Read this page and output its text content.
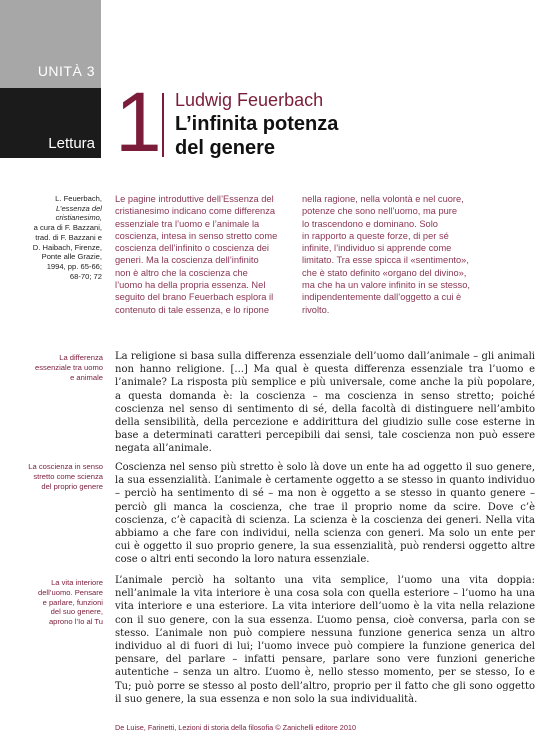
UNITÀ 3
Lettura 1 Ludwig Feuerbach
L’infinita potenza
del genere
L. Feuerbach,
L’essenza del
cristianesimo,
a cura di F. Bazzani,
trad. di F. Bazzani e
D. Haibach, Firenze,
Ponte alle Grazie,
1994, pp. 65-66;
68-70; 72
Le pagine introduttive dell’Essenza del
cristianesimo indicano come differenza
essenziale tra l’uomo e l’animale la
coscienza, intesa in senso stretto come
coscienza dell’infinito o coscienza dei
generi. Ma la coscienza dell’infinito
non è altro che la coscienza che
l’uomo ha della propria essenza. Nel
seguito del brano Feuerbach esplora il
contenuto di tale essenza, e lo ripone
nella ragione, nella volontà e nel cuore,
potenze che sono nell’uomo, ma pure
lo trascendono e dominano. Solo
in rapporto a queste forze, di per sé
infinite, l’individuo si apprende come
limitato. Tra esse spicca il «sentimento»,
che è stato definito «organo del divino»,
ma che ha un valore infinito in se stesso,
indipendentemente dall’oggetto a cui è
rivolto.
La differenza
essenziale tra uomo
e animale
La coscienza in senso
stretto come scienza
del proprio genere
La vita interiore
dell’uomo. Pensare
e parlare, funzioni
del suo genere,
aprono l’Io al Tu
La religione si basa sulla differenza essenziale dell’uomo dall’animale – gli animali non hanno religione. [...] Ma qual è questa differenza essenziale tra l’uomo e l’animale? La risposta più semplice e più universale, come anche la più popolare, a questa domanda è: la coscienza – ma coscienza in senso stretto; poiché coscienza nel senso di sentimento di sé, della facoltà di distinguere nell’ambito della sensibilità, della percezione e addirittura del giudizio sulle cose esterne in base a determinati caratteri percepibili dai sensi, tale coscienza non può essere negata all’animale.
Coscienza nel senso più stretto è solo là dove un ente ha ad oggetto il suo genere, la sua essenzialità. L’animale è certamente oggetto a se stesso in quanto individuo – perciò ha sentimento di sé – ma non è oggetto a se stesso in quanto genere – perciò gli manca la coscienza, che trae il proprio nome da scire. Dove c’è coscienza, c’è capacità di scienza. La scienza è la coscienza dei generi. Nella vita abbiamo a che fare con individui, nella scienza con generi. Ma solo un ente per cui è oggetto il suo proprio genere, la sua essenzialità, può rendersi oggetto altre cose o altri enti secondo la loro natura essenziale.
L’animale perciò ha soltanto una vita semplice, l’uomo una vita doppia: nell’animale la vita interiore è una cosa sola con quella esteriore – l’uomo ha una vita interiore e una esteriore. La vita interiore dell’uomo è la vita nella relazione con il suo genere, con la sua essenza. L’uomo pensa, cioè conversa, parla con se stesso. L’animale non può compiere nessuna funzione generica senza un altro individuo al di fuori di lui; l’uomo invece può compiere la funzione generica del pensare, del parlare – infatti pensare, parlare sono vere funzioni generiche autentiche – senza un altro. L’uomo è, nello stesso momento, per se stesso, Io e Tu; può porre se stesso al posto dell’altro, proprio per il fatto che gli sono oggetto il suo genere, la sua essenza e non solo la sua individualità.
De Luise, Farinetti, Lezioni di storia della filosofia © Zanichelli editore 2010
